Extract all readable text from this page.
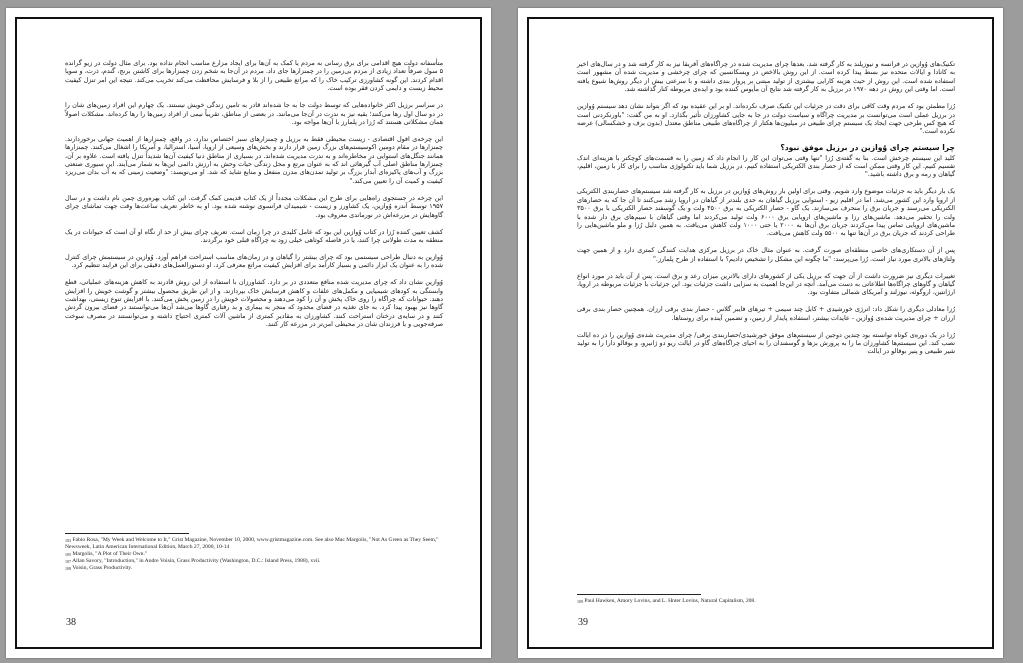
متأسفانه دولت هیچ اقدامی برای برق رسانی به مردم یا کمک به آن‌ها برای ایجاد مزارع مناسب انجام نداده بود. برای مثال دولت در زیو گرانده ۵ سول صرفاً تعداد زیادی از مردم بی‌زمین را در چمنزارها جای داد. مردم در آن‌جا به شخم زدن چمنزارها برای کاشتن برنج، گندم، ذرت، و سویا اقدام کردند. این گونه کشاورزی ترکیب خاک را که مراتع طبیعی را از بلا و فرسایش محافظت می‌کند تخریب می‌کند. نتیجه این امر تنزل کیفیت محیط زیست و دایمی کردن فقر بوده است.

در سراسر برزیل اکثر خانواده‌هایی که توسط دولت جا به جا شده‌اند قادر به تامین زندگی خویش نیستند. یک چهارم این افراد زمین‌های شان را در دو سال اول رها می‌کنند؛ بقیه نیز به ندرت در آن‌جا می‌مانند. در بعضی از مناطق، تقریباً نیمی از افراد زمین‌ها را رها کرده‌اند. مشکلات اصولاً همان مشکلاتی هستند که رُزا در پلمارز با آن‌ها مواجه بود.

این چرخه‌ی افول اقتصادی - زیست محیطی فقط به برزیل و چمنزارهای سبز اختصاص ندارد. در واقع، چمنزارها از اهمیت جهانی برخوردارند. چمنزارها در مقام دومین اکوسیستم‌های بزرگ زمین قرار دارند و بخش‌های وسیعی از اروپا، آسیا، استرالیا، و آمریکا را اشغال می‌کنند. چمنزارها همانند جنگل‌های استوایی در مخاطره‌اند و به ندرت مدیریت شده‌اند. در بسیاری از مناطق دنیا کیفیت آن‌ها شدیداً تنزل یافته است. علاوه بر آن، چمنزارها مناطق اصلی آب گیرهائی اند که به عنوان مرتع و محل زندگی حیات وحش به ارزش دائمی این‌ها به شمار می‌آیند. این سیوری صنعتی بزرگ و آب‌های پاکیزه‌ای آبدار بزرگ بر تولید تمدن‌های مدرن منفعل و منابع شاید که شد. او می‌نویسد: "وضعیت زمینی که به آب بدان می‌ریزد کیفیت و کمیت آن را تعیین می‌کند."

این چرخه در جستجوی راه‌هایی برای طرح این مشکلات مجدداً از یک کتاب قدیمی کمک گرفت. این کتاب بهره‌وری چمن نام داشت و در سال ۱۹۵۷ توسط آندره وُوازین، یک کشاورز و زیست - شیمیدان فرانسوی نوشته شده بود. او به خاطر تعریف ساعت‌ها وقت جهت تماشای چرای گاوهایش در مزرعه‌اش در نورماندی معروف بود.

کشف تعیین کننده رُزا در کتاب وُوازین این بود که عامل کلیدی در چرا زمان است. تعریف چرای بیش از حد از نگاه او آن است که حیوانات در یک منطقه به مدت طولانی چرا کنند، یا در فاصله کوتاهی خیلی زود به چراگاه قبلی خود برگردند.

وُوازین به دنبال طراحی سیستمی بود که چرای بیشتر را گیاهان و در زمان‌های مناسب استراحت فراهم آورد. وُوازین در سیستمش چرای کنترل شده را به عنوان یک ابزار دائمی و بسیار کارآمد برای افزایش کیفیت مراتع معرفی کرد. او دستورالعمل‌های دقیقی برای این فرایند تنظیم کرد.

وُوازین نشان داد که چرای مدیریت شده منافع متعددی در بر دارد. کشاورزان با استفاده از این روش قادرند به کاهش هزینه‌های عملیاتی، قطع وابستگی به کودهای شیمیایی و مکمل‌های علفات و کاهش فرسایش خاک بپردازند. و از این طریق محصول بیشتر و گوشت خویش را افزایش دهند. حیوانات که چراگاه را روی خاک پخش و آن را کود می‌دهند و محصولات خویش را در زمین پخش می‌کنند. با افزایش تنوع زیستی، بهداشت گاوها نیز بهبود پیدا کرد. به جای تغذیه در فضای محدود که منجر به بیماری و بد رفتاری گاوها می‌شد آن‌ها می‌توانستند در فضای بیرون گردش کنند و در سایه‌ی درختان استراحت کنند. کشاورزان به مقادیر کمتری از ماشین آلات کمتری احتیاج داشته و می‌توانستند در مصرف سوخت صرفه‌جویی و با فرزندان شان در محیطی امن‌تر در مزرعه کار کنند.

$^{103}$ Fabio Rosa, "My Week and Welcome to It," Grist Magazine, November 10, 2000, www.gristmagazine.com. See also Mac Margolis, "Not As Green as They Seem," Newsweek, Latin American International Edition, March 27, 2000, 10-14
$^{105}$ Margolis, "A Plot of Their Own."
$^{107}$ Allan Savory, "Introduction," in Andre Voisin, Grass Productivity (Washington, D.C.: Island Press, 1988), xvii.
$^{108}$ Voisin, Grass Productivity.
38

تکنیک‌های وُوازین در فرانسه و نیوزیلند به کار گرفته شد. بعدها چرای مدیریت شده در چراگاه‌های آفریقا نیز به کار گرفته شد و در سال‌های اخیر به کانادا و ایالات متحده نیز بسط پیدا کرده است. از این روش بالاخص در ویسکانسین که چرای چرخشی و مدیریت شده آن مشهور است استفاده شده است. این روش از حیث هزینه کارایی بیشتری از تولید مبتنی بر پروار بندی داشته و با سرعتی بیش از دیگر روش‌ها شیوع یافته است. اما وقتی این روش در دهه ۱۹۷۰ در برزیل به کار گرفته شد نتایج آن مأیوس کننده بود و ایده‌ی مربوطه کنار گذاشته شد.

رُزا مطمئن بود که مردم وقت کافی برای دقت در جزئیات این تکنیک صرف نکرده‌اند. او بر این عقیده بود که اگر بتواند نشان دهد سیستم وُوازین در برزیل عملی است می‌توانست بر مدیریت چراگاه و سیاست دولت در جا به جایی کشاورزان تأثیر بگذارد. او به من گفت: "باورنکردنی است که هیچ کس طرحی جهت ایجاد یک سیستم چرای طبیعی در میلیون‌ها هکتار از چراگاه‌های طبیعی مناطق معتدل (بدون برف و خشکسالی) عرضه نکرده است."

چرا سیستم چرای وُوازین در برزیل موفق نبود؟

کلید این سیستم چرخش است. بنا به گفته‌ی رُزا "تنها وقتی می‌توان این کار را انجام داد که زمین را به قسمت‌های کوچکتر با هزینه‌ای اندک تقسیم کنیم. این کار وقتی ممکن است که از حصار بندی الکتریکی استفاده کنیم. در برزیل شما باید تکنولوژی مناسب را برای کار با زمین، اقلیم، گیاهان و رمه و برق داشته باشید."

یک بار دیگر باید به جزئیات موضوع وارد شویم. وقتی برای اولین بار روش‌های وُوازین در برزیل به کار گرفته شد سیستم‌های حصاربندی الکتریکی از اروپا وارد این کشور می‌شد. اما در اقلیم زیو - استوایی برزیل گیاهان به حدی بلندتر از گیاهان در اروپا رشد می‌کنند تا آن جا که به حصارهای الکتریکی می‌رسند و جریان برق را منحرف می‌سازند. یک گاو - حصار الکتریکی به برق ۴۵۰۰ ولت و یک گوسفند حصار الکتریکی با برق ۳۵۰۰ ولت را تحقیر می‌دهد. ماشین‌های رزا و ماشین‌های اروپایی برق ۶۰۰۰ ولت تولید می‌کردند اما وقتی گیاهان با سیم‌های برق دار شده با ماشین‌های اروپایی تماس پیدا می‌کردند جریان برق آن‌ها به ۲۰۰۰ یا حتی ۱۰۰۰ ولت کاهش می‌یافت. به همین دلیل رُزا و ملو ماشین‌هایی را طراحی کردند که جریان برق در آن‌ها تنها به ۵۵۰۰ ولت کاهش می‌یافت.

پس از آن دستکاری‌های خاصی منطقه‌ای صورت گرفت. به عنوان مثال خاک در برزیل مرکزی هدایت کنندگی کمتری دارد و از همین جهت ولتاژهای بالاتری مورد نیاز است. رُزا می‌پرسد: "ما چگونه این مشکل را تشخیص دادیم؟ با استفاده از طرح پلمارز."

تغییرات دیگری نیز ضرورت داشت از آن جهت که برزیل یکی از کشورهای دارای بالاترین میزان رعد و برق است. پس از آن باید در مورد انواع گیاهان و گاوهای چراگاه‌ها اطلاعاتی به دست می‌آمد. آنچه در این‌جا اهمیت به سزایی داشت جزئیات بود. این جزئیات با جزئیات مربوطه در اروپا، ارژانتین، اروگوئه، نیوزلند و آمریکای شمالی متفاوت بود.

رُزا معادلی دیگری را شکل داد: انرژی خورشیدی + کابل چند سیمی + تیرهای فایبر گلاس - حصار بندی برقی ارزان. همچنین حصار بندی برقی ارزان + چرای مدیریت شده‌ی وُوازین - عایدات بیشتر، استفاده پایدار از زمین، و تضمین آینده برای روستاها.

رُزا در یک دوره‌ی کوتاه توانسته بود چندین دوجین از سیستم‌های موفق خورشیدی/حصاربندی برقی/ چرای مدیریت شده‌ی وُوازین را در ده ایالت نصب کند. این سیستم‌ها کشاورزان ما را به پرورش بزها و گوسفندان را به احیای چراگاه‌های گاو در ایالت ریو دو ژانیرو، و بوفالو دارا را به تولید شیر طبیعی و پنیر بوفالو در ایالت

$^{109}$ Paul Hawken, Amory Lovins, and L. Hnter Lovins, Natural Capitalism, 208.
39
